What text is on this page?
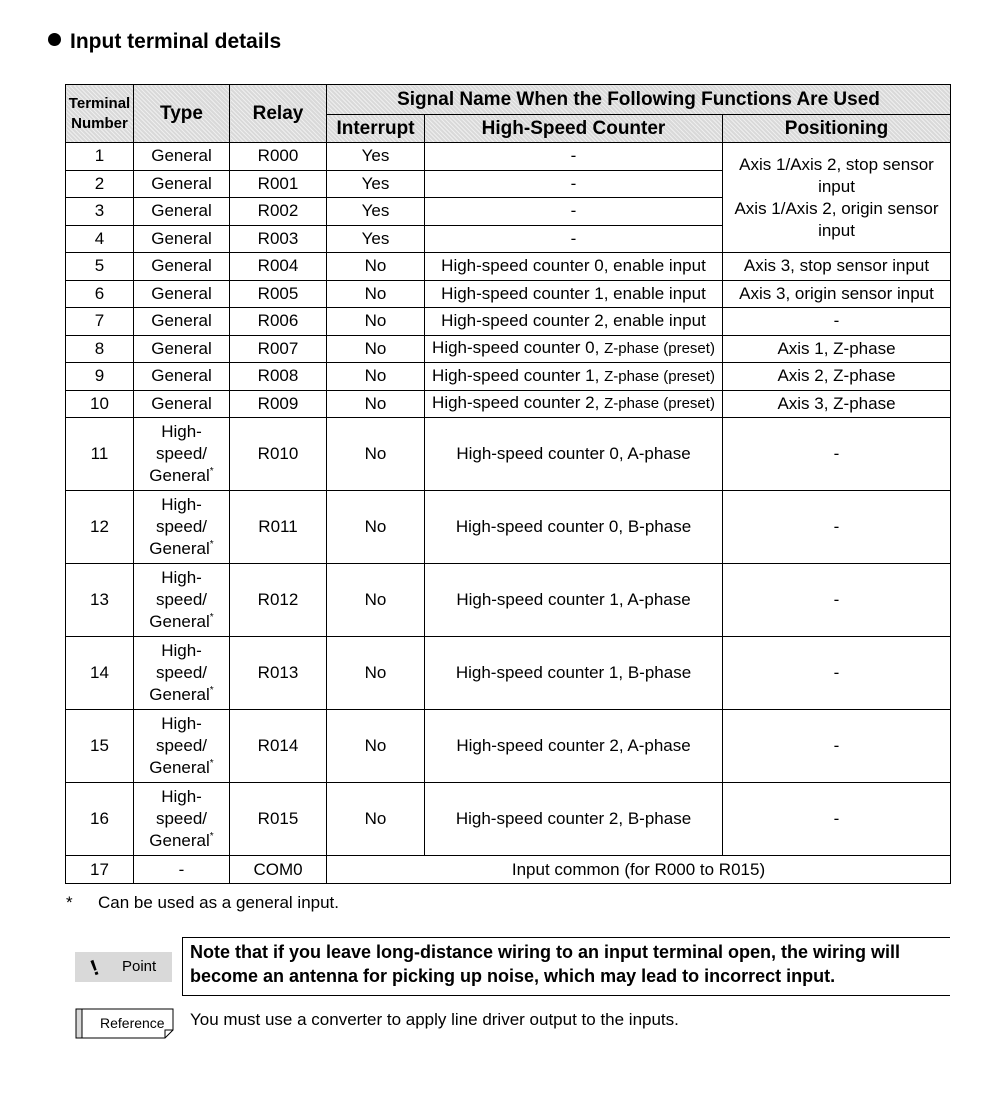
Input terminal details
Terminal Number	Type	Relay	Signal Name When the Following Functions Are Used		
			Interrupt	High-Speed Counter	Positioning
1	General	R000	Yes	-	Axis 1/Axis 2, stop sensor input
Axis 1/Axis 2, origin sensor input

2	General	R001	Yes	-	
3	General	R002	Yes	-	
4	General	R003	Yes	-	
5	General	R004	No	High-speed counter 0, enable input	Axis 3, stop sensor input
6	General	R005	No	High-speed counter 1, enable input	Axis 3, origin sensor input
7	General	R006	No	High-speed counter 2, enable input	-
8	General	R007	No	High-speed counter 0, Z-phase (preset)	Axis 1, Z-phase
9	General	R008	No	High-speed counter 1, Z-phase (preset)	Axis 2, Z-phase
10	General	R009	No	High-speed counter 2, Z-phase (preset)	Axis 3, Z-phase
11	High-
speed/
General*	R010	No	High-speed counter 0, A-phase	-
12	High-
speed/
General*	R011	No	High-speed counter 0, B-phase	-
13	High-
speed/
General*	R012	No	High-speed counter 1, A-phase	-
14	High-
speed/
General*	R013	No	High-speed counter 1, B-phase	-
15	High-
speed/
General*	R014	No	High-speed counter 2, A-phase	-
16	High-
speed/
General*	R015	No	High-speed counter 2, B-phase	-
17	-	COM0	Input common (for R000 to R015)		
* Can be used as a general input.
! Point
Note that if you leave long-distance wiring to an input terminal open, the wiring will become an antenna for picking up noise, which may lead to incorrect input.
Reference You must use a converter to apply line driver output to the inputs.
